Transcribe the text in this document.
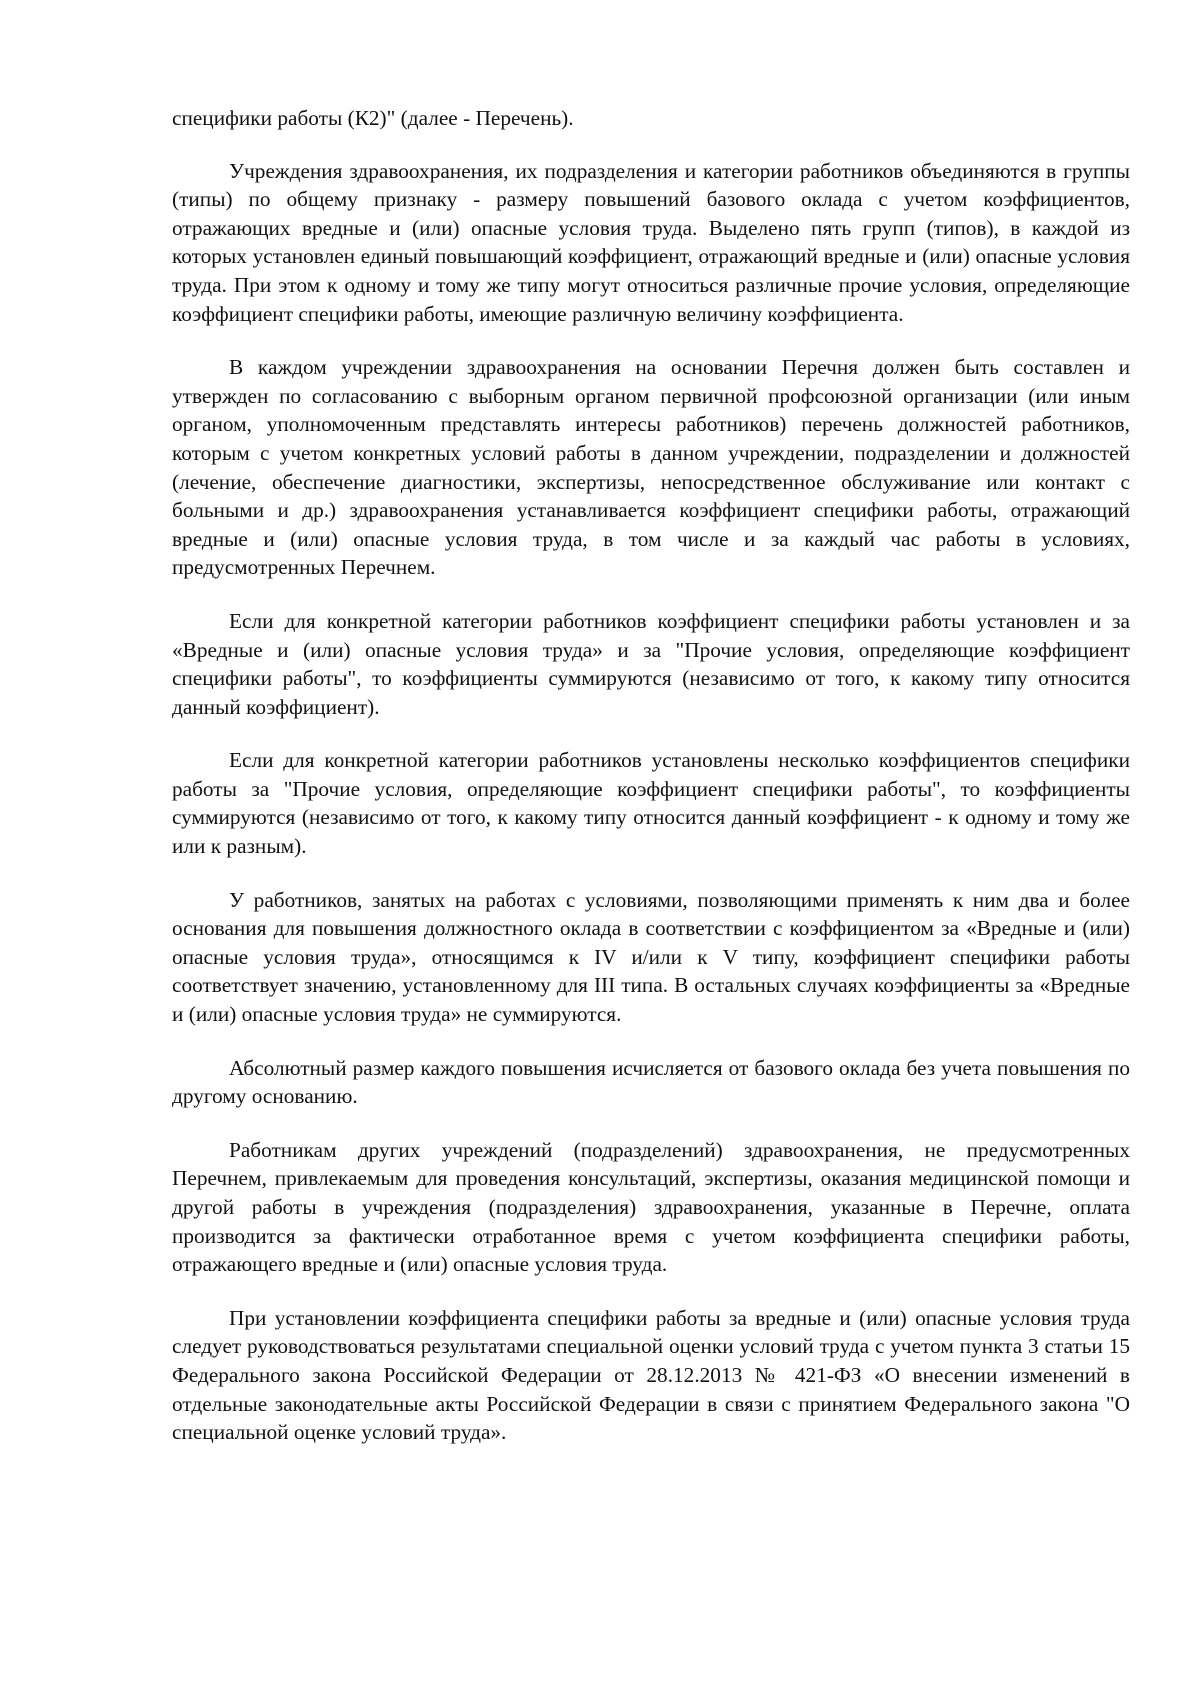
специфики работы (К2)" (далее - Перечень).

Учреждения здравоохранения, их подразделения и категории работников объединяются в группы (типы) по общему признаку - размеру повышений базового оклада с учетом коэффициентов, отражающих вредные и (или) опасные условия труда. Выделено пять групп (типов), в каждой из которых установлен единый повышающий коэффициент, отражающий вредные и (или) опасные условия труда. При этом к одному и тому же типу могут относиться различные прочие условия, определяющие коэффициент специфики работы, имеющие различную величину коэффициента.

В каждом учреждении здравоохранения на основании Перечня должен быть составлен и утвержден по согласованию с выборным органом первичной профсоюзной организации (или иным органом, уполномоченным представлять интересы работников) перечень должностей работников, которым с учетом конкретных условий работы в данном учреждении, подразделении и должностей (лечение, обеспечение диагностики, экспертизы, непосредственное обслуживание или контакт с больными и др.) здравоохранения устанавливается коэффициент специфики работы, отражающий вредные и (или) опасные условия труда, в том числе и за каждый час работы в условиях, предусмотренных Перечнем.

Если для конкретной категории работников коэффициент специфики работы установлен и за «Вредные и (или) опасные условия труда» и за "Прочие условия, определяющие коэффициент специфики работы", то коэффициенты суммируются (независимо от того, к какому типу относится данный коэффициент).

Если для конкретной категории работников установлены несколько коэффициентов специфики работы за "Прочие условия, определяющие коэффициент специфики работы", то коэффициенты суммируются (независимо от того, к какому типу относится данный коэффициент - к одному и тому же или к разным).

У работников, занятых на работах с условиями, позволяющими применять к ним два и более основания для повышения должностного оклада в соответствии с коэффициентом за «Вредные и (или) опасные условия труда», относящимся к IV и/или к V типу, коэффициент специфики работы соответствует значению, установленному для III типа. В остальных случаях коэффициенты за «Вредные и (или) опасные условия труда» не суммируются.

Абсолютный размер каждого повышения исчисляется от базового оклада без учета повышения по другому основанию.

Работникам других учреждений (подразделений) здравоохранения, не предусмотренных Перечнем, привлекаемым для проведения консультаций, экспертизы, оказания медицинской помощи и другой работы в учреждения (подразделения) здравоохранения, указанные в Перечне, оплата производится за фактически отработанное время с учетом коэффициента специфики работы, отражающего вредные и (или) опасные условия труда.

При установлении коэффициента специфики работы за вредные и (или) опасные условия труда следует руководствоваться результатами специальной оценки условий труда с учетом пункта 3 статьи 15 Федерального закона Российской Федерации от 28.12.2013 № 421-ФЗ «О внесении изменений в отдельные законодательные акты Российской Федерации в связи с принятием Федерального закона "О специальной оценке условий труда».
